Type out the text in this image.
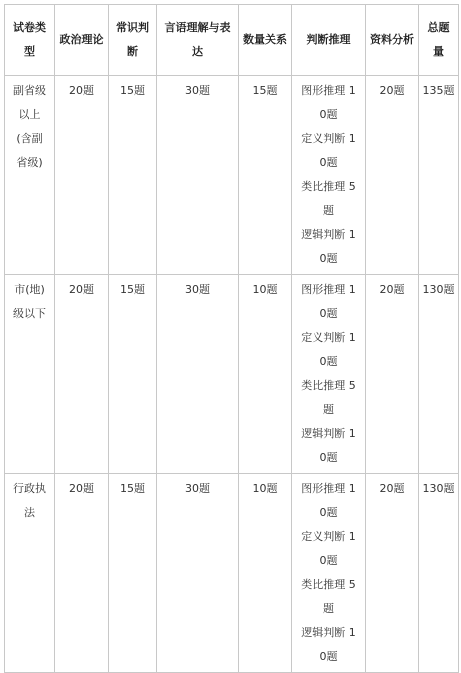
试卷类型	政治理论	常识判断	言语理解与表达	数量关系	判断推理	资料分析	总题量
副省级以上(含副省级)	20题	15题	30题	15题	图形推理 10题
定义判断 10题
类比推理 5题
逻辑判断 10题	20题	135题
市(地)级以下	20题	15题	30题	10题	图形推理 10题
定义判断 10题
类比推理 5题
逻辑判断 10题	20题	130题
行政执法	20题	15题	30题	10题	图形推理 10题
定义判断 10题
类比推理 5题
逻辑判断 10题	20题	130题
